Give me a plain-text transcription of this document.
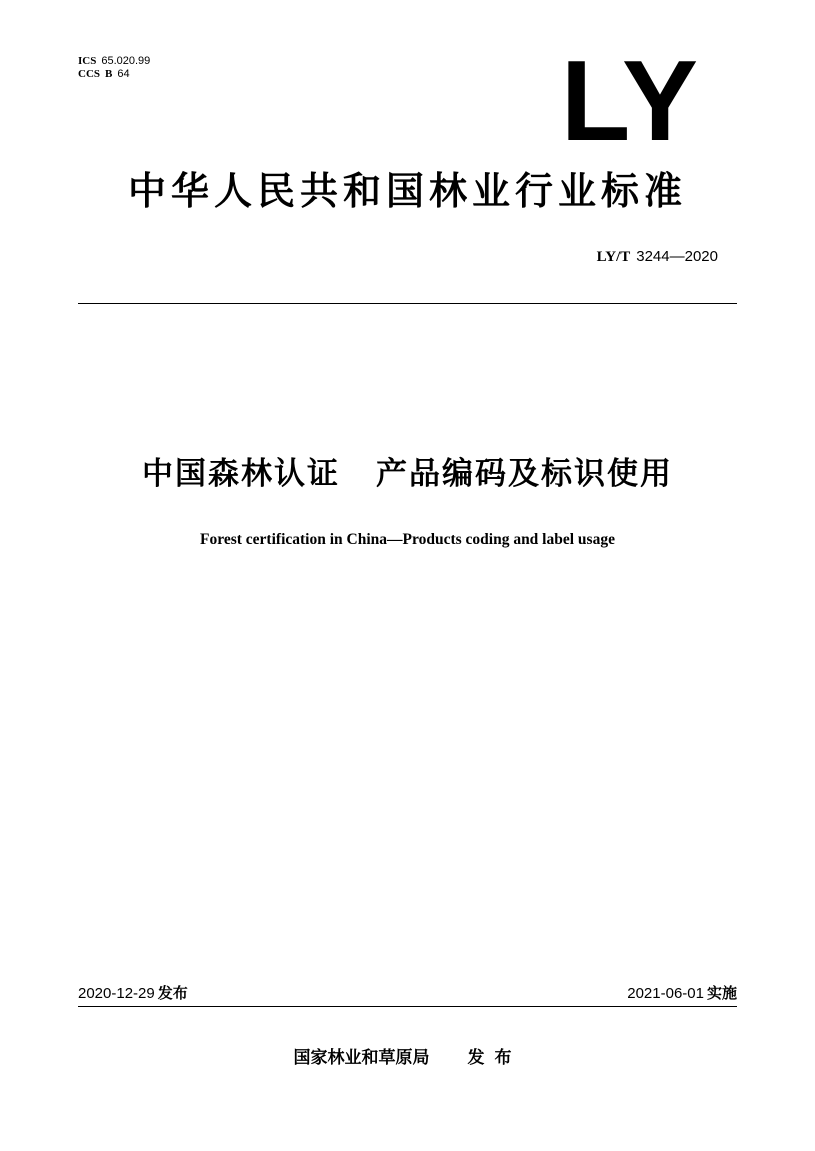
ICS 65.020.99
CCS B 64	LY
中华人民共和国林业行业标准
LY/T 3244—2020
中国森林认证 产品编码及标识使用
Forest certification in China—Products coding and label usage
2020-12-29 发布	2021-06-01 实施
国家林业和草原局 发布
